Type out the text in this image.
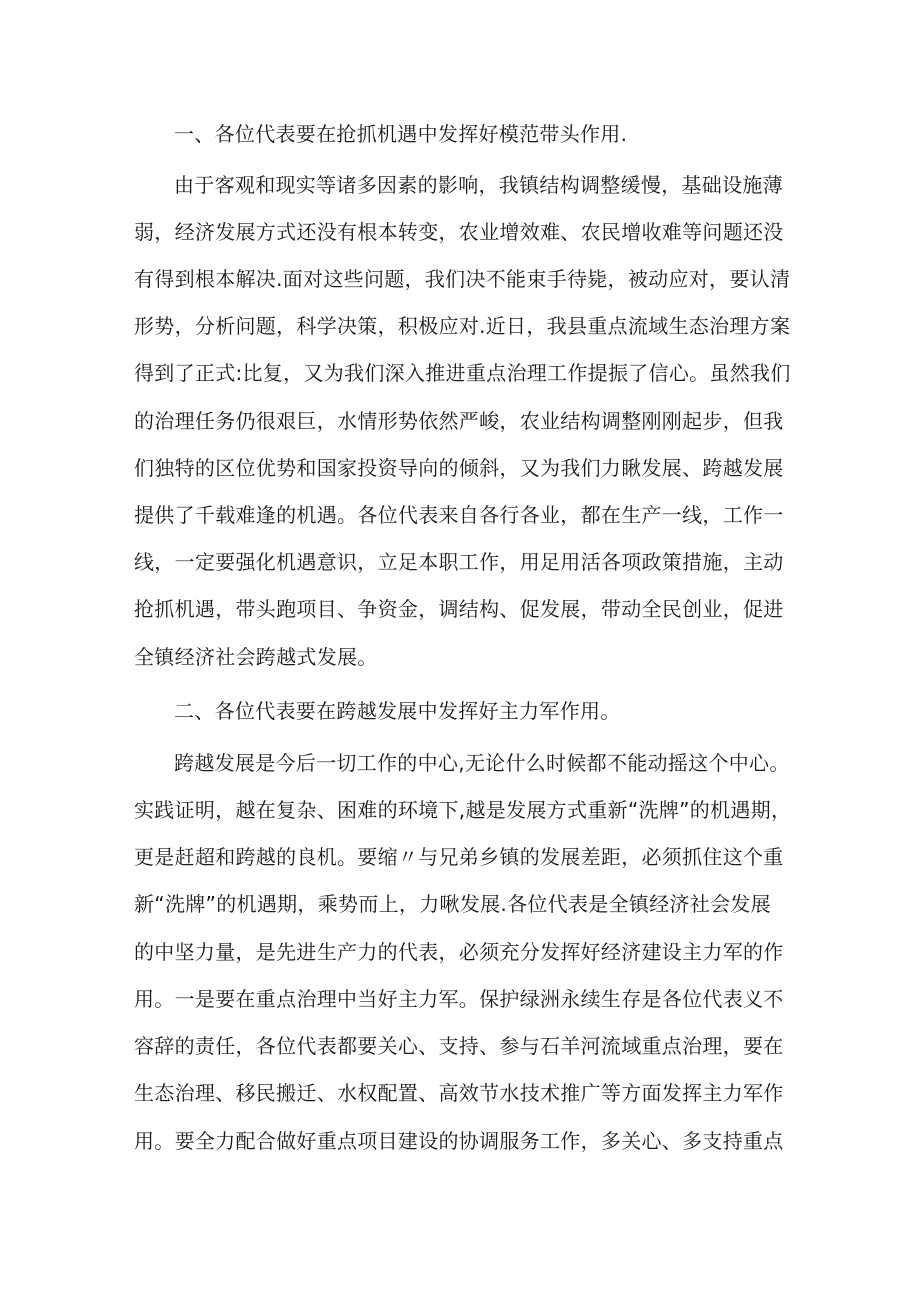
一、各位代表要在抢抓机遇中发挥好模范带头作用.
由于客观和现实等诸多因素的影响，我镇结构调整缓慢，基础设施薄
弱，经济发展方式还没有根本转变，农业增效难、农民增收难等问题还没
有得到根本解决.面对这些问题，我们决不能束手待毙，被动应对，要认清
形势，分析问题，科学决策，积极应对.近日，我县重点流域生态治理方案
得到了正式:比复，又为我们深入推进重点治理工作提振了信心。虽然我们
的治理任务仍很艰巨，水情形势依然严峻，农业结构调整刚刚起步，但我
们独特的区位优势和国家投资导向的倾斜，又为我们力瞅发展、跨越发展
提供了千载难逢的机遇。各位代表来自各行各业，都在生产一线，工作一
线，一定要强化机遇意识，立足本职工作，用足用活各项政策措施，主动
抢抓机遇，带头跑项目、争资金，调结构、促发展，带动全民创业，促进
全镇经济社会跨越式发展。
二、各位代表要在跨越发展中发挥好主力军作用。
跨越发展是今后一切工作的中心,无论什么时候都不能动摇这个中心。
实践证明，越在复杂、困难的环境下,越是发展方式重新“洗牌”的机遇期，
更是赶超和跨越的良机。要缩〃与兄弟乡镇的发展差距，必须抓住这个重
新“洗牌”的机遇期，乘势而上，力啾发展.各位代表是全镇经济社会发展
的中坚力量，是先进生产力的代表，必须充分发挥好经济建设主力军的作
用。一是要在重点治理中当好主力军。保护绿洲永续生存是各位代表义不
容辞的责任，各位代表都要关心、支持、参与石羊河流域重点治理，要在
生态治理、移民搬迁、水权配置、高效节水技术推广等方面发挥主力军作
用。要全力配合做好重点项目建设的协调服务工作，多关心、多支持重点
